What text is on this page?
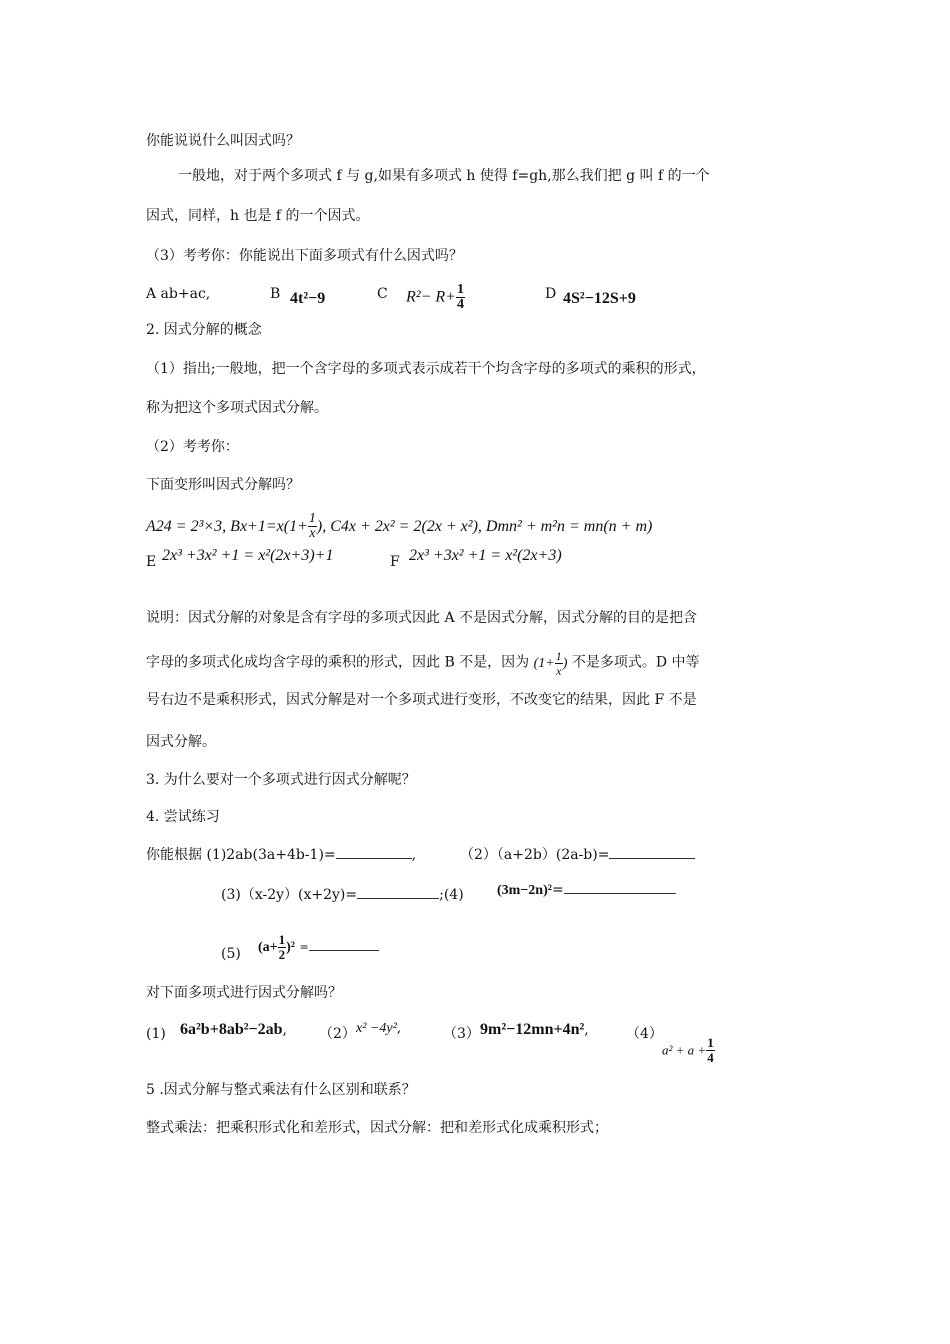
你能说说什么叫因式吗？
一般地，对于两个多项式 f 与 g,如果有多项式 h 使得 f=gh,那么我们把 g 叫 f 的一个
因式，同样，h 也是 f 的一个因式。
（3）考考你：你能说出下面多项式有什么因式吗？
A ab+ac,	B 4t²−9	C $R^2- R+ \frac{1}{4}$	D 4S²−12S+9
2. 因式分解的概念
（1）指出;一般地，把一个含字母的多项式表示成若干个均含字母的多项式的乘积的形式，
称为把这个多项式因式分解。
（2）考考你：
下面变形叫因式分解吗？
A24 = 2³×3, $Bx+1=x(1+ \frac{1}{x}$ ), C4x + 2x² = 2(2x + x²), Dmn² + m²n = mn(n + m)
E 2x³ +3x² +1 = x²(2x+3)+1	F 2x³ +3x² +1 = x²(2x+3)
说明：因式分解的对象是含有字母的多项式因此 A 不是因式分解，因式分解的目的是把含
字母的多项式化成均含字母的乘积的形式，因此 B 不是，因为 ($1+ \frac{1}{x}$ ) 不是多项式。D 中等
号右边不是乘积形式，因式分解是对一个多项式进行变形，不改变它的结果，因此 F 不是
因式分解。
3. 为什么要对一个多项式进行因式分解呢？
4. 尝试练习
你能根据 (1)2ab(3a+4b-1)=	,	（2）（a+2b）(2a-b)=
(3)（x-2y）(x+2y)=	;(4) (3m−2n)²=
(5) $(a+ \frac{1}{2} )^2$ =
对下面多项式进行因式分解吗？
(1) 6a²b+8ab²−2ab, （2） x² −4y²,	（3） 9m²−12mn+4n²,	（4）
$a^2 + a + \frac{1}{4}$
5 .因式分解与整式乘法有什么区别和联系？
整式乘法：把乘积形式化和差形式，因式分解：把和差形式化成乘积形式；
